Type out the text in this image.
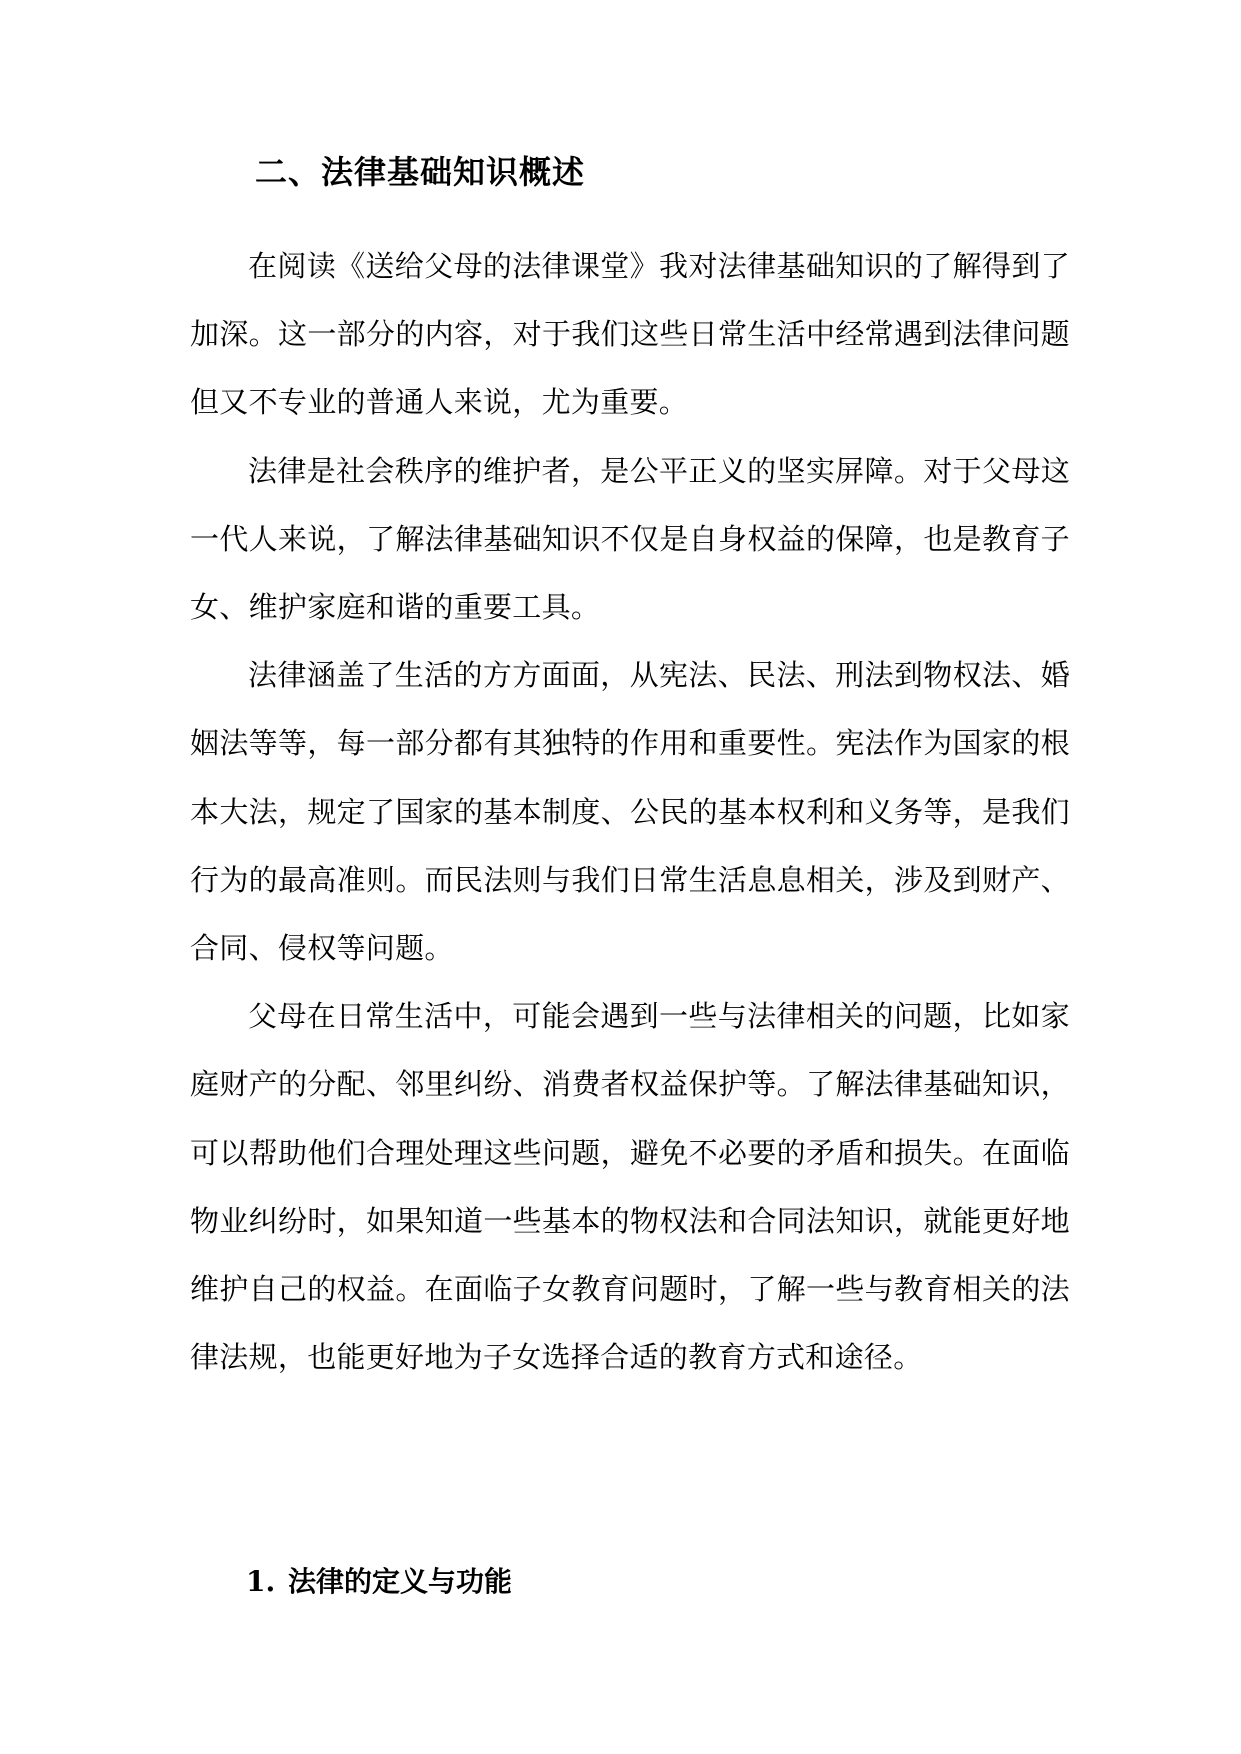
二、法律基础知识概述

在阅读《送给父母的法律课堂》我对法律基础知识的了解得到了加深。这一部分的内容，对于我们这些日常生活中经常遇到法律问题但又不专业的普通人来说，尤为重要。

法律是社会秩序的维护者，是公平正义的坚实屏障。对于父母这一代人来说，了解法律基础知识不仅是自身权益的保障，也是教育子女、维护家庭和谐的重要工具。

法律涵盖了生活的方方面面，从宪法、民法、刑法到物权法、婚姻法等等，每一部分都有其独特的作用和重要性。宪法作为国家的根本大法，规定了国家的基本制度、公民的基本权利和义务等，是我们行为的最高准则。而民法则与我们日常生活息息相关，涉及到财产、合同、侵权等问题。

父母在日常生活中，可能会遇到一些与法律相关的问题，比如家庭财产的分配、邻里纠纷、消费者权益保护等。了解法律基础知识，可以帮助他们合理处理这些问题，避免不必要的矛盾和损失。在面临物业纠纷时，如果知道一些基本的物权法和合同法知识，就能更好地维护自己的权益。在面临子女教育问题时，了解一些与教育相关的法律法规，也能更好地为子女选择合适的教育方式和途径。

1. 法律的定义与功能
